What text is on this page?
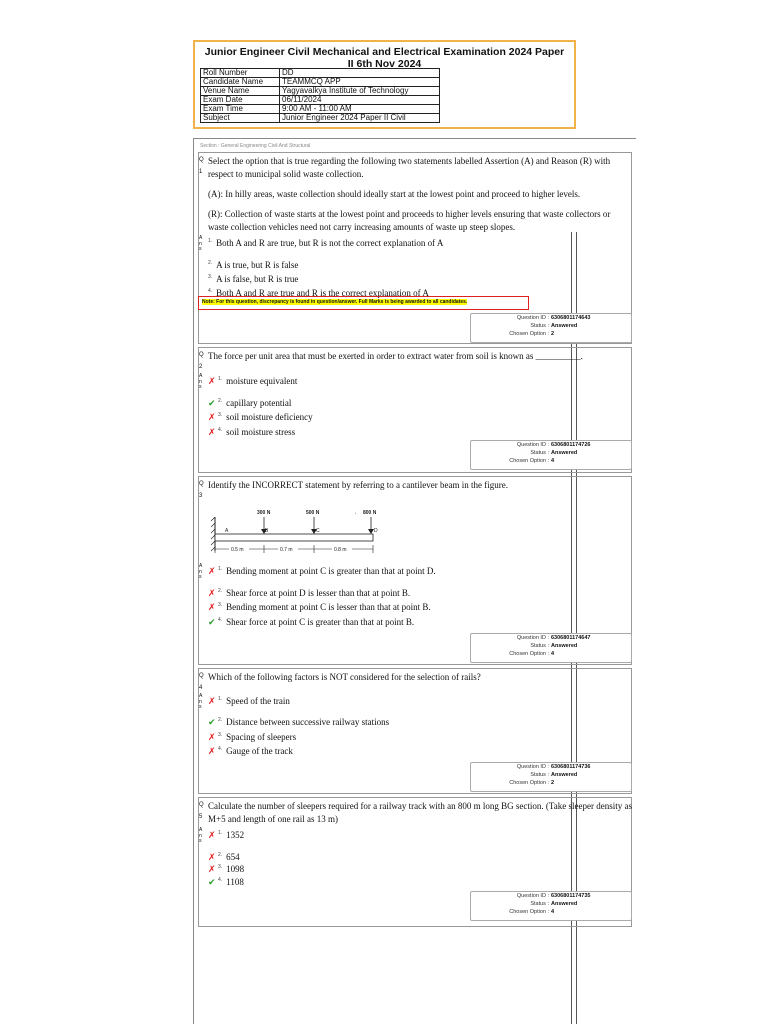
Junior Engineer Civil Mechanical and Electrical Examination 2024 Paper II 6th Nov 2024
Roll Number	DD
Candidate Name	TEAMMCQ APP
Venue Name	Yagyavalkya Institute of Technology
Exam Date	06/11/2024
Exam Time	9:00 AM - 11:00 AM
Subject	Junior Engineer 2024 Paper II Civil
Section : General Engineering Civil And Structural
Q

1
Select the option that is true regarding the following two statements labelled Assertion (A) and Reason (R) with respect to municipal solid waste collection.
(A): In hilly areas, waste collection should ideally start at the lowest point and proceed to higher levels.
(R): Collection of waste starts at the lowest point and proceeds to higher levels ensuring that waste collectors or waste collection vehicles need not carry increasing amounts of waste up steep slopes.
A n s
$^{1.}$ Both A and R are true, but R is not the correct explanation of A
$^{2.}$ A is true, but R is false
$^{3.}$ A is false, but R is true
$^{4.}$ Both A and R are true and R is the correct explanation of A
Note: For this question, discrepancy is found in question/answer. Full Marks is being awarded to all candidates.
Question ID : 6306801174643
Status : Answered
Chosen Option : 2
Q

2
The force per unit area that must be exerted in order to extract water from soil is known as __________.
A n s ✗ $^{1.}$ moisture equivalent
✔ $^{2.}$ capillary potential
✗ $^{3.}$ soil moisture deficiency
✗ $^{4.}$ soil moisture stress
Question ID : 6306801174726
Status : Answered
Chosen Option : 4
Q

3
Identify the INCORRECT statement by referring to a cantilever beam in the figure.
•
300 N	500 N	800 N
A	B	C	D
0.5 m	0.7 m	0.8 m
A n s ✗ $^{1.}$ Bending moment at point C is greater than that at point D.
✗ $^{2.}$ Shear force at point D is lesser than that at point B.
✗ $^{3.}$ Bending moment at point C is lesser than that at point B.
✔ $^{4.}$ Shear force at point C is greater than that at point B.
Question ID : 6306801174647
Status : Answered
Chosen Option : 4
Q

4
Which of the following factors is NOT considered for the selection of rails?
A n s ✗ $^{1.}$ Speed of the train
✔ $^{2.}$ Distance between successive railway stations
✗ $^{3.}$ Spacing of sleepers
✗ $^{4.}$ Gauge of the track
Question ID : 6306801174736
Status : Answered
Chosen Option : 2
Q

5
Calculate the number of sleepers required for a railway track with an 800 m long BG section. (Take sleeper density as M+5 and length of one rail as 13 m)
A n s ✗ $^{1.}$ 1352
✗ $^{2.}$ 654
✗ $^{3.}$ 1098
✔ $^{4.}$ 1108
Question ID : 6306801174735
Status : Answered
Chosen Option : 4
